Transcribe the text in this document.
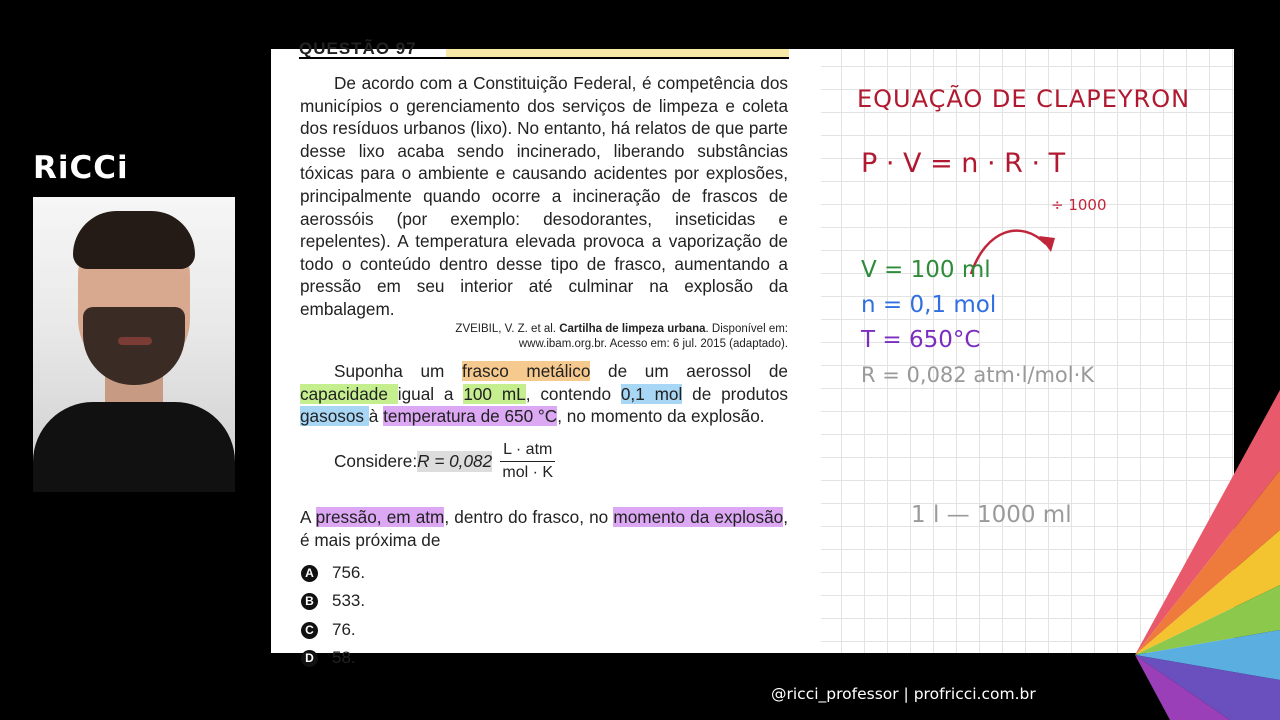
RiCCi
QUESTÃO 97
De acordo com a Constituição Federal, é competência dos municípios o gerenciamento dos serviços de limpeza e coleta dos resíduos urbanos (lixo). No entanto, há relatos de que parte desse lixo acaba sendo incinerado, liberando substâncias tóxicas para o ambiente e causando acidentes por explosões, principalmente quando ocorre a incineração de frascos de aerossóis (por exemplo: desodorantes, inseticidas e repelentes). A temperatura elevada provoca a vaporização de todo o conteúdo dentro desse tipo de frasco, aumentando a pressão em seu interior até culminar na explosão da embalagem.
ZVEIBIL, V. Z. et al. Cartilha de limpeza urbana. Disponível em:
www.ibam.org.br. Acesso em: 6 jul. 2015 (adaptado).
Suponha um frasco metálico de um aerossol de capacidade igual a 100 mL, contendo 0,1 mol de produtos gasosos à temperatura de 650 °C, no momento da explosão.
Considere: $R = 0,082 \frac{\text{L · atm}}{\text{mol · K}}$
A pressão, em atm, dentro do frasco, no momento da explosão, é mais próxima de
A 756.
B 533.
C 76.
D 58.
EQUAÇÃO DE CLAPEYRON
P · V = n · R · T
÷ 1000
V = 100 ml
n = 0,1 mol
T = 650°C
R = 0,082 atm·l/mol·K
1 l — 1000 ml
@ricci_professor | profricci.com.br
